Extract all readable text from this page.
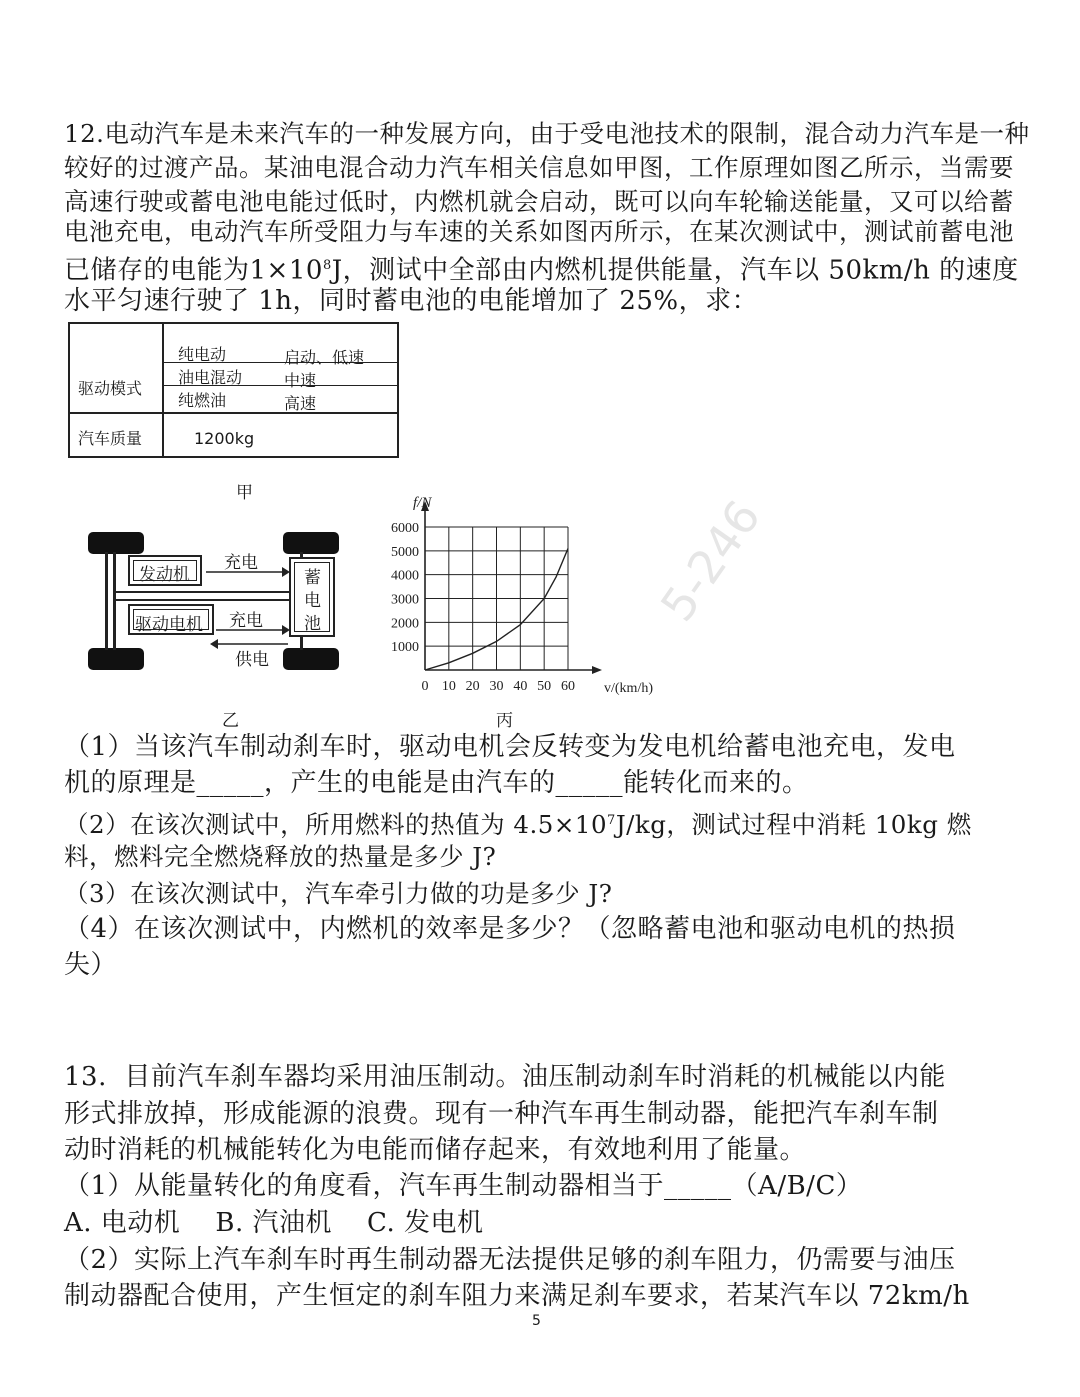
12.电动汽车是未来汽车的一种发展方向，由于受电池技术的限制，混合动力汽车是一种
较好的过渡产品。某油电混合动力汽车相关信息如甲图，工作原理如图乙所示，当需要
高速行驶或蓄电池电能过低时，内燃机就会启动，既可以向车轮输送能量，又可以给蓄
电池充电，电动汽车所受阻力与车速的关系如图丙所示，在某次测试中，测试前蓄电池
已储存的电能为$1\times 10^8J$，测试中全部由内燃机提供能量，汽车以 50km/h 的速度
水平匀速行驶了 1h，同时蓄电池的电能增加了 25%，求：
驱动模式
纯电动	启动、低速
油电混动	中速
纯燃油	高速
汽车质量	1200kg
甲
发动机
驱动电机
蓄
电
池
充电
充电
供电
乙
0 10 20 30 40 50 60
1000
2000
3000
4000
5000
6000
f/N
v/(km/h)
丙
5-246
（1）当该汽车制动刹车时，驱动电机会反转变为发电机给蓄电池充电，发电
机的原理是_____，产生的电能是由汽车的_____能转化而来的。
（2）在该次测试中，所用燃料的热值为 $4.5\times 10^7J/kg$，测试过程中消耗 10kg 燃
料，燃料完全燃烧释放的热量是多少 J?
（3）在该次测试中，汽车牵引力做的功是多少 J?
（4）在该次测试中，内燃机的效率是多少？（忽略蓄电池和驱动电机的热损
失）
13.  目前汽车刹车器均采用油压制动。油压制动刹车时消耗的机械能以内能
形式排放掉，形成能源的浪费。现有一种汽车再生制动器，能把汽车刹车制
动时消耗的机械能转化为电能而储存起来，有效地利用了能量。
（1）从能量转化的角度看，汽车再生制动器相当于_____（A/B/C）
A. 电动机    B. 汽油机    C. 发电机
（2）实际上汽车刹车时再生制动器无法提供足够的刹车阻力，仍需要与油压
制动器配合使用，产生恒定的刹车阻力来满足刹车要求，若某汽车以 72km/h
5
